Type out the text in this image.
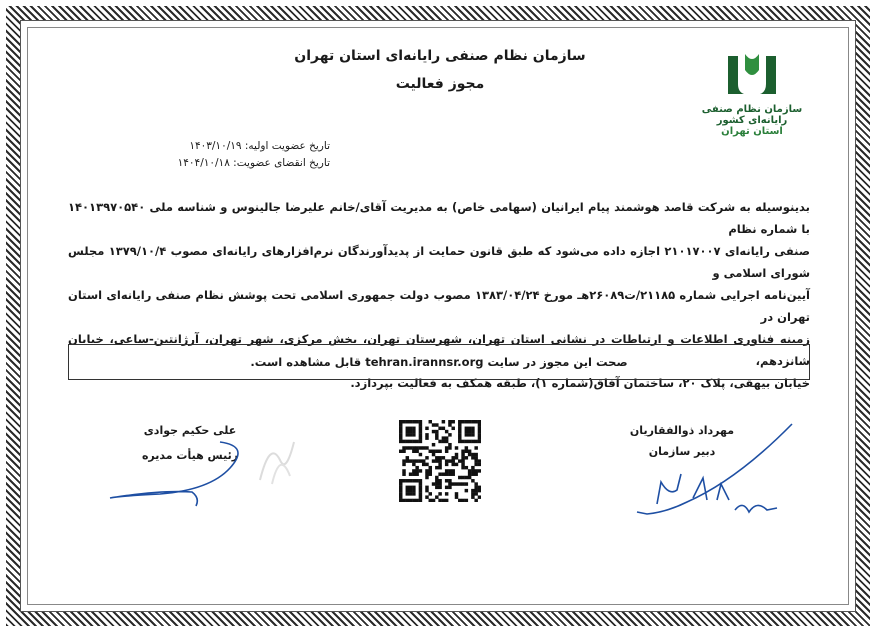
سازمان نظام صنفی رایانه‌ای استان تهران
مجوز فعالیت
سازمان نظام صنفی رایانه‌ای کشور
استان تهران
تاریخ عضویت اولیه: ۱۴۰۳/۱۰/۱۹
تاریخ انقضای عضویت: ۱۴۰۴/۱۰/۱۸
بدینوسیله به شرکت قاصد هوشمند پیام ایرانیان (سهامی خاص) به مدیریت آقای/خانم علیرضا جالینوس و شناسه ملی ۱۴۰۱۳۹۷۰۵۴۰ با شماره نظام
صنفی رایانه‌ای ۲۱۰۱۷۰۰۷ اجازه داده می‌شود که طبق قانون حمایت از پدیدآورندگان نرم‌افزارهای رایانه‌ای مصوب ۱۳۷۹/۱۰/۴ مجلس شورای اسلامی و
آیین‌نامه اجرایی شماره ۲۱۱۸۵/ت۲۶۰۸۹هـ مورخ ۱۳۸۳/۰۴/۲۴ مصوب دولت جمهوری اسلامی تحت پوشش نظام صنفی رایانه‌ای استان تهران در
زمینه فناوری اطلاعات و ارتباطات در نشانی استان تهران، شهرستان تهران، بخش مرکزی، شهر تهران، آرژانتین-ساعی، خیابان شانزدهم،
خیابان بیهقی، پلاک ۲۰، ساختمان آفاق(شماره ۱)، طبقه همکف به فعالیت بپردازد.
صحت این مجوز در سایت tehran.irannsr.org قابل مشاهده است.
مهرداد ذوالفقاریان
دبیر سازمان
علی حکیم جوادی
رئیس هیأت مدیره
